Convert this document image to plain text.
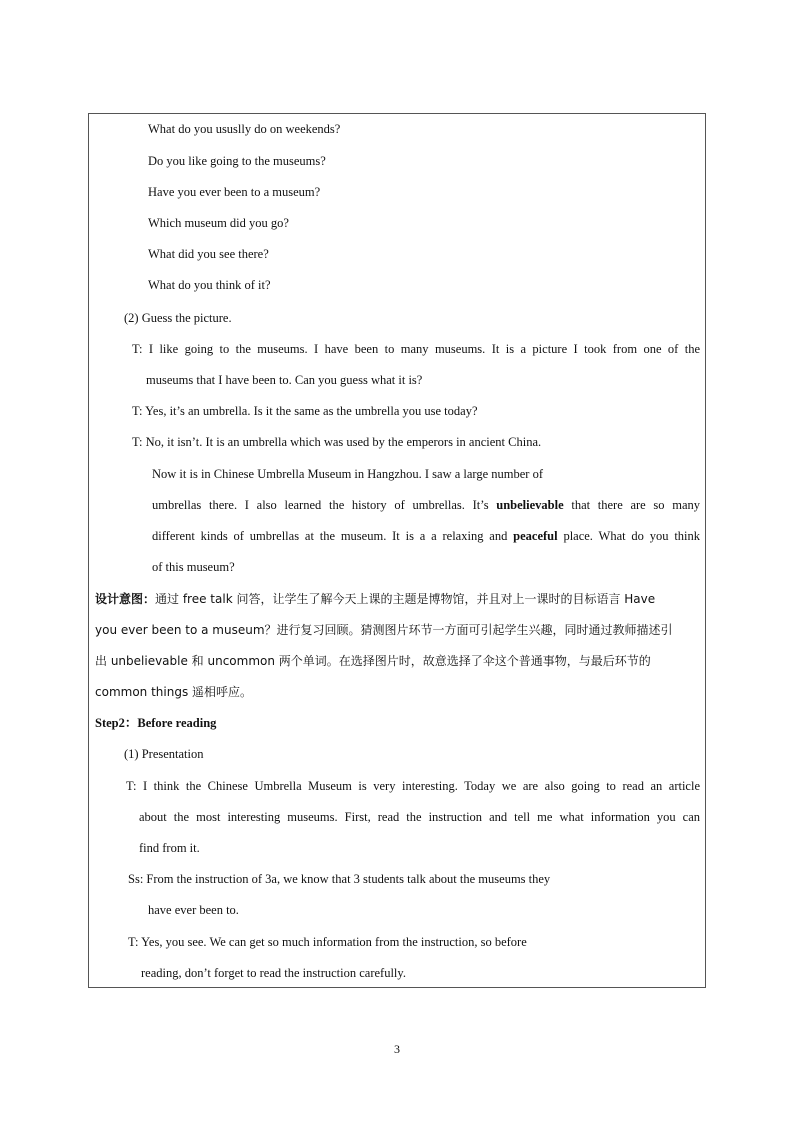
What do you ususlly do on weekends?
Do you like going to the museums?
Have you ever been to a museum?
Which museum did you go?
What did you see there?
What do you think of it?
(2) Guess the picture.
T: I like going to the museums. I have been to many museums. It is a picture I took from one of the
museums that I have been to. Can you guess what it is?
T: Yes, it’s an umbrella. Is it the same as the umbrella you use today?
T: No, it isn’t. It is an umbrella which was used by the emperors in ancient China.
Now it is in Chinese Umbrella Museum in Hangzhou. I saw a large number of
umbrellas there. I also learned the history of umbrellas. It’s unbelievable that there are so many
different kinds of umbrellas at the museum. It is a a relaxing and peaceful place. What do you think
of this museum?
设计意图：通过 free talk 问答，让学生了解今天上课的主题是博物馆，并且对上一课时的目标语言 Have
you ever been to a museum？进行复习回顾。猜测图片环节一方面可引起学生兴趣，同时通过教师描述引
出 unbelievable 和 uncommon 两个单词。在选择图片时，故意选择了伞这个普通事物，与最后环节的
common things 遥相呼应。
Step2：Before reading
(1) Presentation
T: I think the Chinese Umbrella Museum is very interesting. Today we are also going to read an article
about the most interesting museums. First, read the instruction and tell me what information you can
find from it.
Ss: From the instruction of 3a, we know that 3 students talk about the museums they
have ever been to.
T: Yes, you see. We can get so much information from the instruction, so before
reading, don’t forget to read the instruction carefully.
3
